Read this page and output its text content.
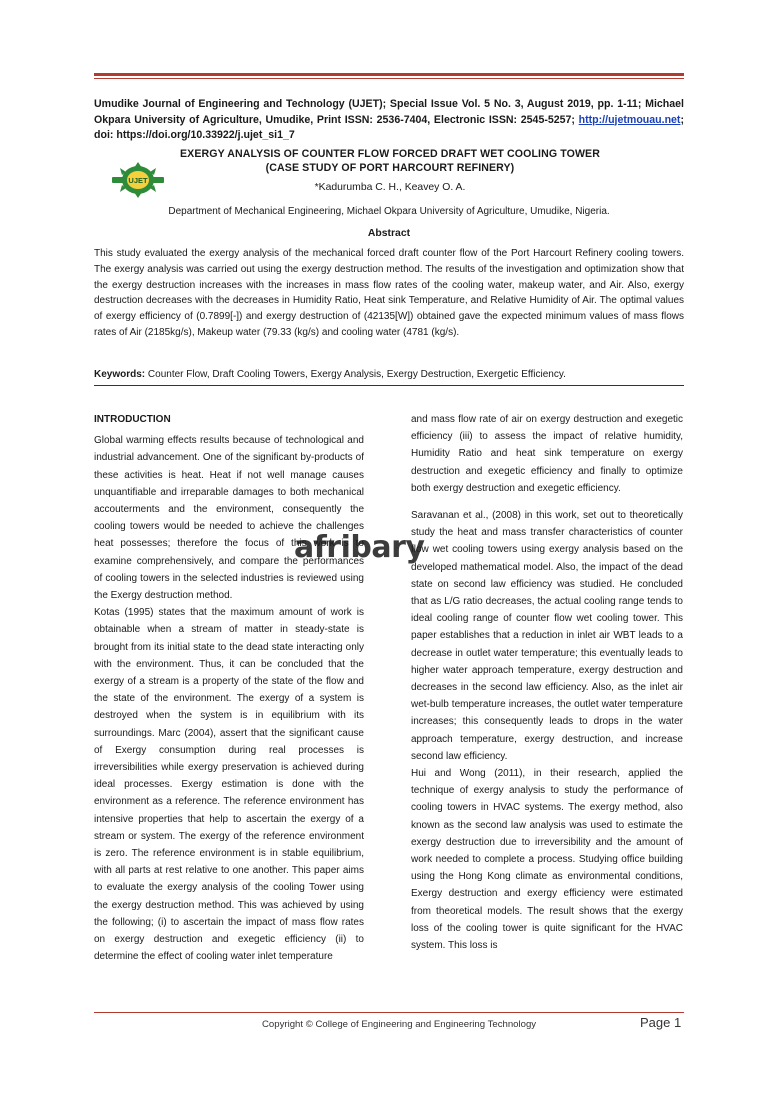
Umudike Journal of Engineering and Technology (UJET); Special Issue Vol. 5 No. 3, August 2019, pp. 1-11; Michael Okpara University of Agriculture, Umudike, Print ISSN: 2536-7404, Electronic ISSN: 2545-5257; http://ujetmouau.net; doi: https://doi.org/10.33922/j.ujet_si1_7
UJET
EXERGY ANALYSIS OF COUNTER FLOW FORCED DRAFT WET COOLING TOWER
(CASE STUDY OF PORT HARCOURT REFINERY)
*Kadurumba C. H., Keavey O. A.
Department of Mechanical Engineering, Michael Okpara University of Agriculture, Umudike, Nigeria.
Abstract
This study evaluated the exergy analysis of the mechanical forced draft counter flow of the Port Harcourt Refinery cooling towers. The exergy analysis was carried out using the exergy destruction method. The results of the investigation and optimization show that the exergy destruction increases with the increases in mass flow rates of the cooling water, makeup water, and Air. Also, exergy destruction decreases with the decreases in Humidity Ratio, Heat sink Temperature, and Relative Humidity of Air. The optimal values of exergy efficiency of (0.7899[-]) and exergy destruction of (42135[W]) obtained gave the expected minimum values of mass flows rates of Air (2185kg/s), Makeup water (79.33 (kg/s) and cooling water (4781 (kg/s).
Keywords: Counter Flow, Draft Cooling Towers, Exergy Analysis, Exergy Destruction, Exergetic Efficiency.

INTRODUCTION

Global warming effects results because of technological and industrial advancement. One of the significant by-products of these activities is heat. Heat if not well manage causes unquantifiable and irreparable damages to both mechanical accouterments and the environment, consequently the cooling towers would be needed to achieve the challenges heat possesses; therefore the focus of this work is to examine comprehensively, and compare the performances of cooling towers in the selected industries is reviewed using the Exergy destruction method.

Kotas (1995) states that the maximum amount of work is obtainable when a stream of matter in steady-state is brought from its initial state to the dead state interacting only with the environment. Thus, it can be concluded that the exergy of a stream is a property of the state of the flow and the state of the environment. The exergy of a system is destroyed when the system is in equilibrium with its surroundings. Marc (2004), assert that the significant cause of Exergy consumption during real processes is irreversibilities while exergy preservation is achieved during ideal processes. Exergy estimation is done with the environment as a reference. The reference environment has intensive properties that help to ascertain the exergy of a stream or system. The exergy of the reference environment is zero. The reference environment is in stable equilibrium, with all parts at rest relative to one another. This paper aims to evaluate the exergy analysis of the cooling Tower using the exergy destruction method. This was achieved by using the following; (i) to ascertain the impact of mass flow rates on exergy destruction and exegetic efficiency (ii) to determine the effect of cooling water inlet temperature

and mass flow rate of air on exergy destruction and exegetic efficiency (iii) to assess the impact of relative humidity, Humidity Ratio and heat sink temperature on exergy destruction and exegetic efficiency and finally to optimize both exergy destruction and exegetic efficiency.

Saravanan et al., (2008) in this work, set out to theoretically study the heat and mass transfer characteristics of counter flow wet cooling towers using exergy analysis based on the developed mathematical model. Also, the impact of the dead state on second law efficiency was studied. He concluded that as L/G ratio decreases, the actual cooling range tends to ideal cooling range of counter flow wet cooling tower. This paper establishes that a reduction in inlet air WBT leads to a decrease in outlet water temperature; this eventually leads to higher water approach temperature, exergy destruction and decreases in the second law efficiency. Also, as the inlet air wet-bulb temperature increases, the outlet water temperature increases; this consequently leads to drops in the water approach temperature, exergy destruction, and increase second law efficiency.

Hui and Wong (2011), in their research, applied the technique of exergy analysis to study the performance of cooling towers in HVAC systems. The exergy method, also known as the second law analysis was used to estimate the exergy destruction due to irreversibility and the amount of work needed to complete a process. Studying office building using the Hong Kong climate as environmental conditions, Exergy destruction and exergy efficiency were estimated from theoretical models. The result shows that the exergy loss of the cooling tower is quite significant for the HVAC system. This loss is

afribary
Copyright © College of Engineering and Engineering Technology	Page 1
